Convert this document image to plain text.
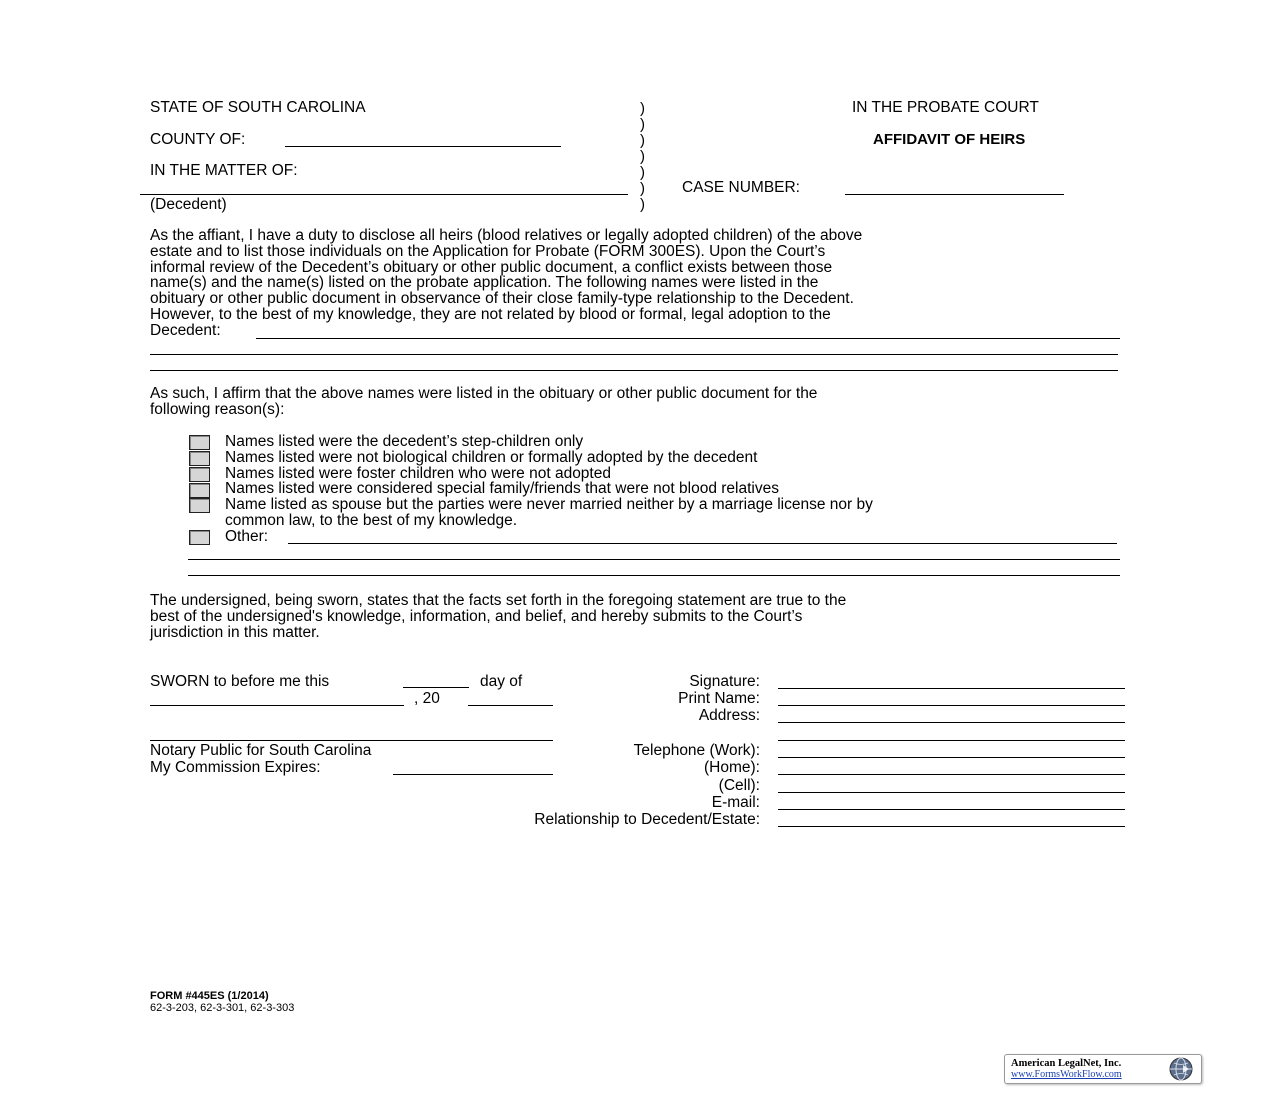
STATE OF SOUTH CAROLINA
COUNTY OF:
IN THE MATTER OF:
(Decedent)
)
)
)
)
)
)
)
IN THE PROBATE COURT
AFFIDAVIT OF HEIRS
CASE NUMBER:
As the affiant, I have a duty to disclose all heirs (blood relatives or legally adopted children) of the above
estate and to list those individuals on the Application for Probate (FORM 300ES). Upon the Court’s
informal review of the Decedent’s obituary or other public document, a conflict exists between those
name(s) and the name(s) listed on the probate application. The following names were listed in the
obituary or other public document in observance of their close family-type relationship to the Decedent.
However, to the best of my knowledge, they are not related by blood or formal, legal adoption to the
Decedent:
As such, I affirm that the above names were listed in the obituary or other public document for the
following reason(s):
Names listed were the decedent’s step-children only
Names listed were not biological children or formally adopted by the decedent
Names listed were foster children who were not adopted
Names listed were considered special family/friends that were not blood relatives
Name listed as spouse but the parties were never married neither by a marriage license nor by
common law, to the best of my knowledge.
Other:
The undersigned, being sworn, states that the facts set forth in the foregoing statement are true to the
best of the undersigned's knowledge, information, and belief, and hereby submits to the Court’s
jurisdiction in this matter.
SWORN to before me this	day of
, 20
Notary Public for South Carolina
My Commission Expires:
Signature:
Print Name:
Address:
Telephone (Work):
(Home):
(Cell):
E-mail:
Relationship to Decedent/Estate:
FORM #445ES (1/2014)
62-3-203, 62-3-301, 62-3-303
American LegalNet, Inc.
www.FormsWorkFlow.com
